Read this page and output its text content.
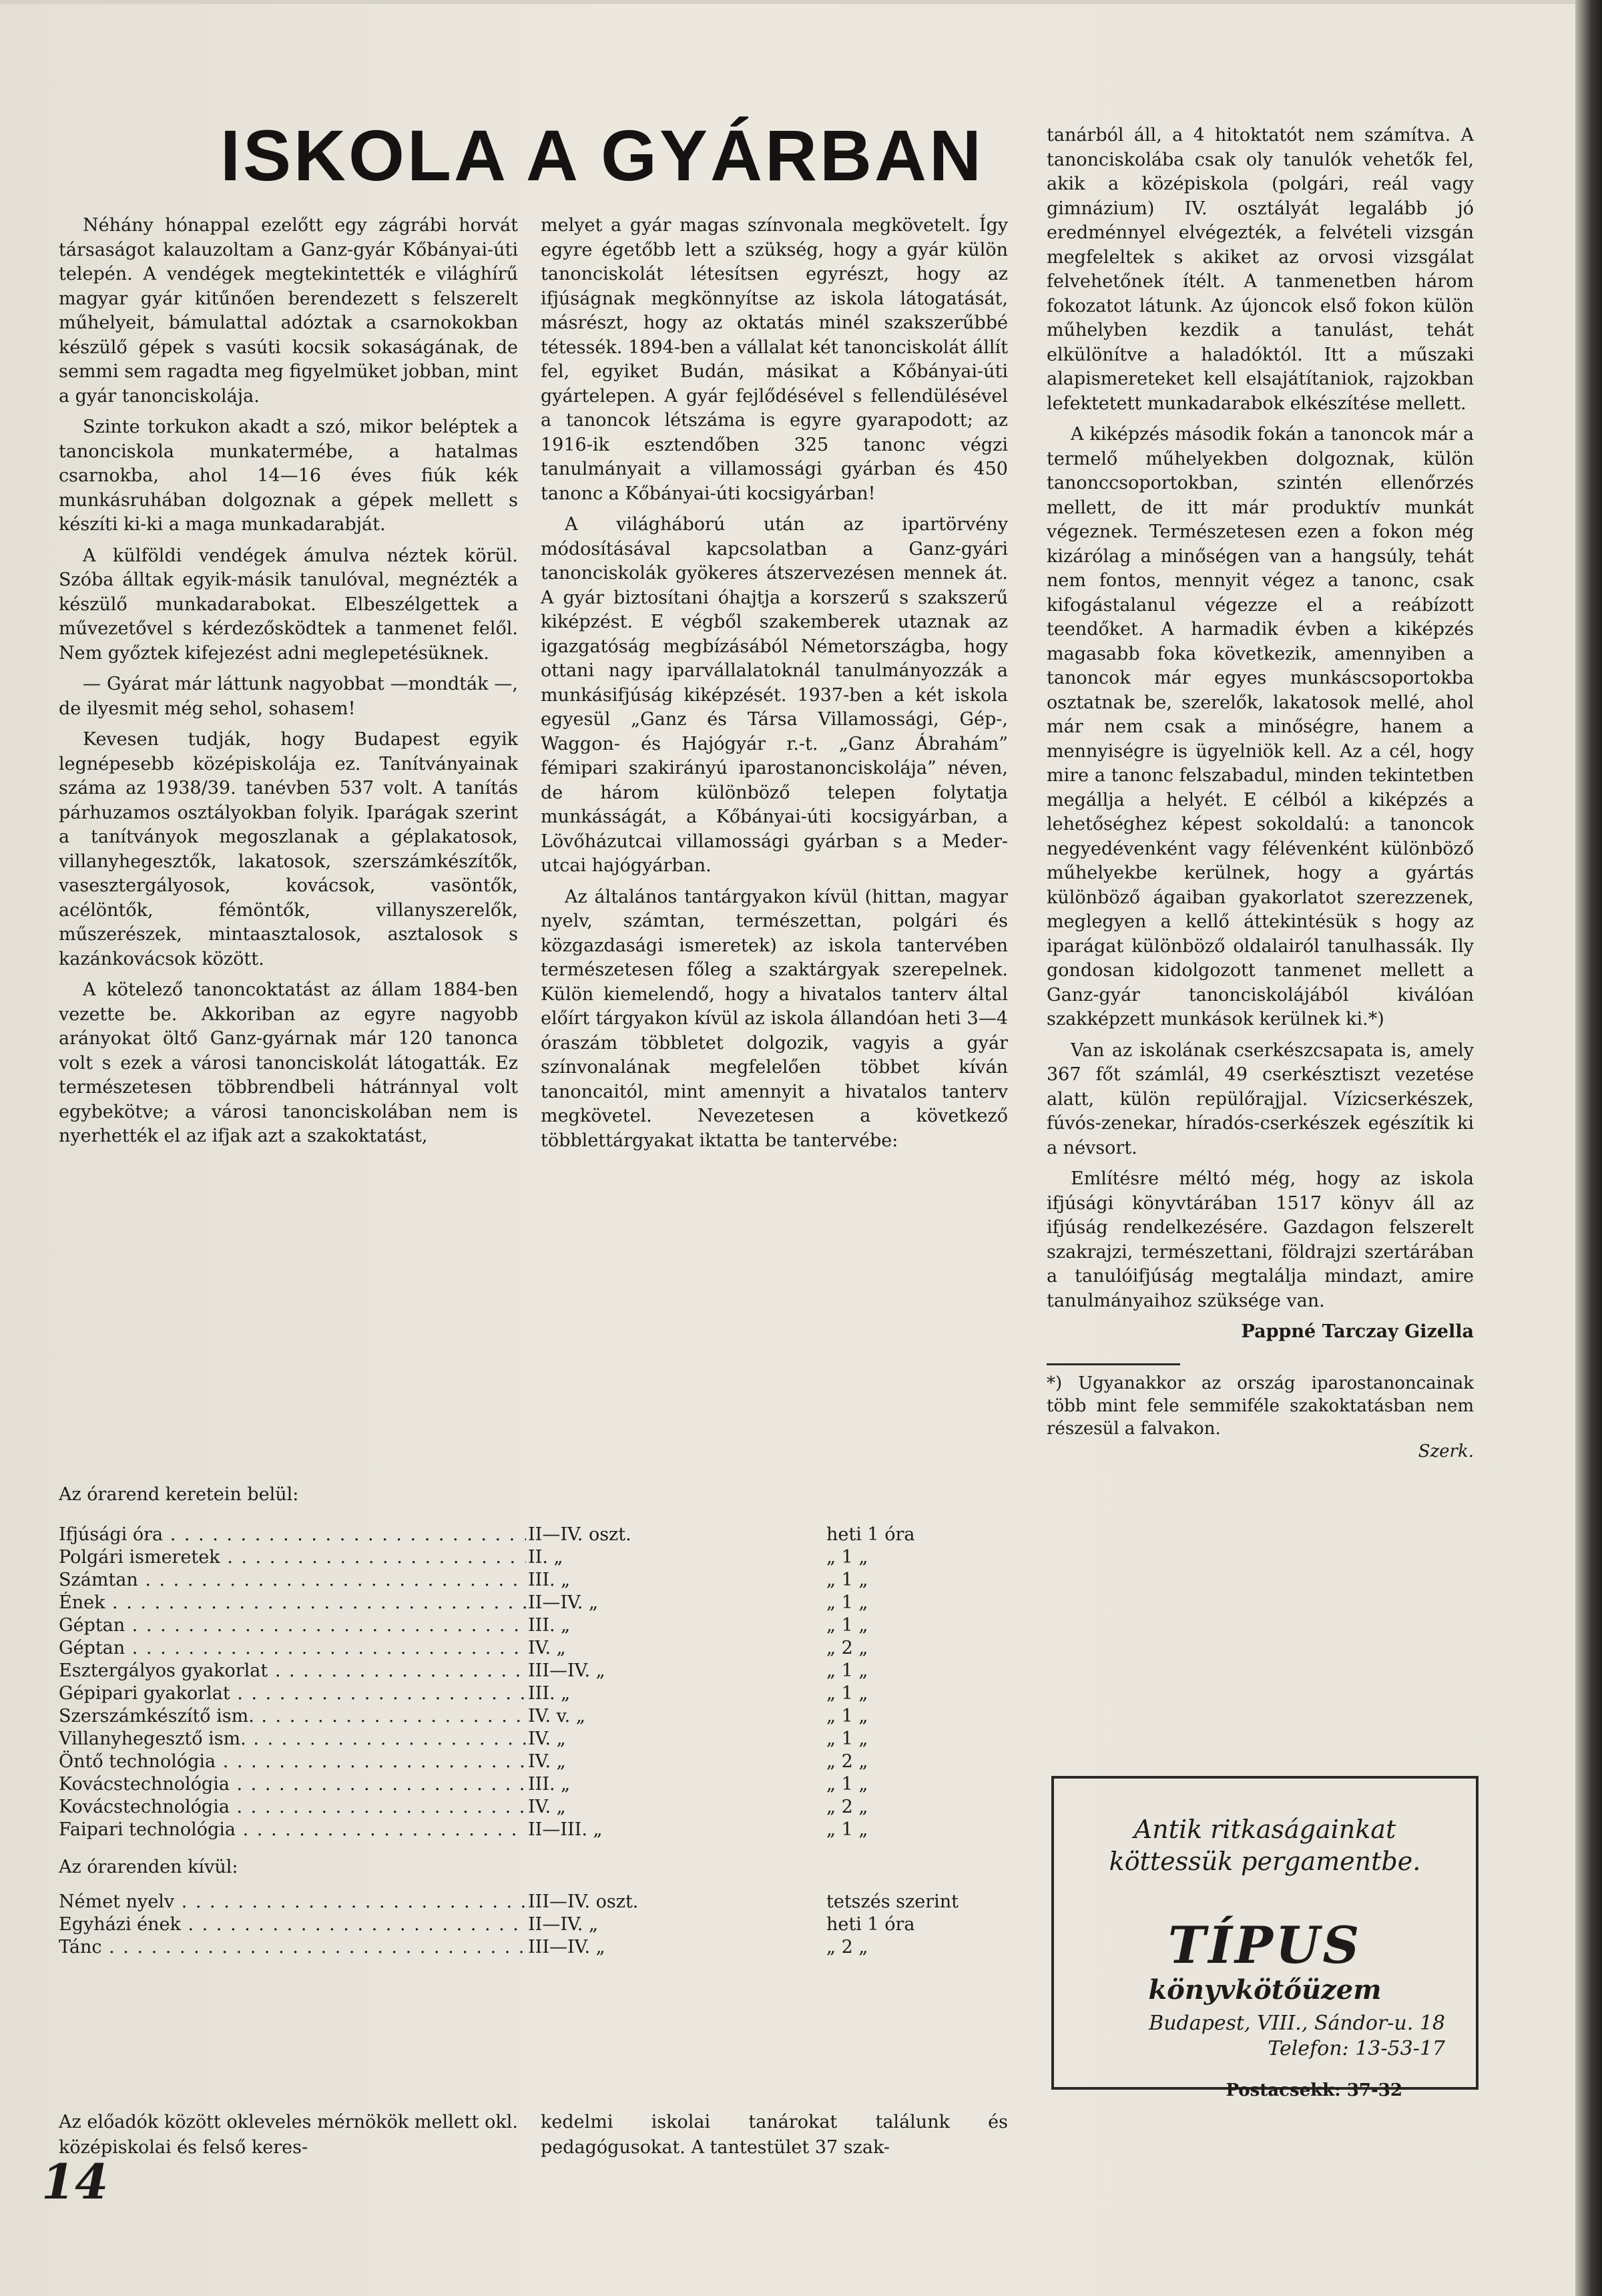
ISKOLA A GYÁRBAN

Néhány hónappal ezelőtt egy zágrábi horvát társaságot kalauzoltam a Ganz-gyár Kőbányai-úti telepén. A vendégek megtekintették e világhírű magyar gyár kitűnően berendezett s felszerelt műhelyeit, bámulattal adóztak a csarnokokban készülő gépek s vasúti kocsik sokaságának, de semmi sem ragadta meg figyelmüket jobban, mint a gyár tanonciskolája.

Szinte torkukon akadt a szó, mikor beléptek a tanonciskola munkatermébe, a hatalmas csarnokba, ahol 14—16 éves fiúk kék munkásruhában dolgoznak a gépek mellett s készíti ki-ki a maga munkadarabját.

A külföldi vendégek ámulva néztek körül. Szóba álltak egyik-másik tanulóval, megnézték a készülő munkadarabokat. Elbeszélgettek a művezetővel s kérdezősködtek a tanmenet felől. Nem győztek kifejezést adni meglepetésüknek.

— Gyárat már láttunk nagyobbat —mondták —, de ilyesmit még sehol, sohasem!

Kevesen tudják, hogy Budapest egyik legnépesebb középiskolája ez. Tanítványainak száma az 1938/39. tanévben 537 volt. A tanítás párhuzamos osztályokban folyik. Iparágak szerint a tanítványok megoszlanak a géplakatosok, villanyhegesztők, lakatosok, szerszámkészítők, vasesztergályosok, kovácsok, vasöntők, acélöntők, fémöntők, villanyszerelők, műszerészek, mintaasztalosok, asztalosok s kazánkovácsok között.

A kötelező tanoncoktatást az állam 1884-ben vezette be. Akkoriban az egyre nagyobb arányokat öltő Ganz-gyárnak már 120 tanonca volt s ezek a városi tanonciskolát látogatták. Ez természetesen többrendbeli hátránnyal volt egybekötve; a városi tanonciskolában nem is nyerhették el az ifjak azt a szakoktatást,

melyet a gyár magas színvonala megkövetelt. Így egyre égetőbb lett a szükség, hogy a gyár külön tanonciskolát létesítsen egyrészt, hogy az ifjúságnak megkönnyítse az iskola látogatását, másrészt, hogy az oktatás minél szakszerűbbé tétessék. 1894-ben a vállalat két tanonciskolát állít fel, egyiket Budán, másikat a Kőbányai-úti gyártelepen. A gyár fejlődésével s fellendülésével a tanoncok létszáma is egyre gyarapodott; az 1916-ik esztendőben 325 tanonc végzi tanulmányait a villamossági gyárban és 450 tanonc a Kőbányai-úti kocsigyárban!

A világháború után az ipartörvény módosításával kapcsolatban a Ganz-gyári tanonciskolák gyökeres átszervezésen mennek át. A gyár biztosítani óhajtja a korszerű s szakszerű kiképzést. E végből szakemberek utaznak az igazgatóság megbízásából Németországba, hogy ottani nagy iparvállalatoknál tanulmányozzák a munkásifjúság kiképzését. 1937-ben a két iskola egyesül „Ganz és Társa Villamossági, Gép-, Waggon- és Hajógyár r.-t. „Ganz Ábrahám” fémipari szakirányú iparostanonciskolája” néven, de három különböző telepen folytatja munkásságát, a Kőbányai-úti kocsigyárban, a Lövőházutcai villamossági gyárban s a Meder-utcai hajógyárban.

Az általános tantárgyakon kívül (hittan, magyar nyelv, számtan, természettan, polgári és közgazdasági ismeretek) az iskola tantervében természetesen főleg a szaktárgyak szerepelnek. Külön kiemelendő, hogy a hivatalos tanterv által előírt tárgyakon kívül az iskola állandóan heti 3—4 óraszám többletet dolgozik, vagyis a gyár színvonalának megfelelően többet kíván tanoncaitól, mint amennyit a hivatalos tanterv megkövetel. Nevezetesen a következő többlettárgyakat iktatta be tantervébe:

tanárból áll, a 4 hitoktatót nem számítva. A tanonciskolába csak oly tanulók vehetők fel, akik a középiskola (polgári, reál vagy gimnázium) IV. osztályát legalább jó eredménnyel elvégezték, a felvételi vizsgán megfeleltek s akiket az orvosi vizsgálat felvehetőnek ítélt. A tanmenetben három fokozatot látunk. Az újoncok első fokon külön műhelyben kezdik a tanulást, tehát elkülönítve a haladóktól. Itt a műszaki alapismereteket kell elsajátítaniok, rajzokban lefektetett munkadarabok elkészítése mellett.

A kiképzés második fokán a tanoncok már a termelő műhelyekben dolgoznak, külön tanonccsoportokban, szintén ellenőrzés mellett, de itt már produktív munkát végeznek. Természetesen ezen a fokon még kizárólag a minőségen van a hangsúly, tehát nem fontos, mennyit végez a tanonc, csak kifogástalanul végezze el a reábízott teendőket. A harmadik évben a kiképzés magasabb foka következik, amennyiben a tanoncok már egyes munkáscsoportokba osztatnak be, szerelők, lakatosok mellé, ahol már nem csak a minőségre, hanem a mennyiségre is ügyelniök kell. Az a cél, hogy mire a tanonc felszabadul, minden tekintetben megállja a helyét. E célból a kiképzés a lehetőséghez képest sokoldalú: a tanoncok negyedévenként vagy félévenként különböző műhelyekbe kerülnek, hogy a gyártás különböző ágaiban gyakorlatot szerezzenek, meglegyen a kellő áttekintésük s hogy az iparágat különböző oldalairól tanulhassák. Ily gondosan kidolgozott tanmenet mellett a Ganz-gyár tanonciskolájából kiválóan szakképzett munkások kerülnek ki.*)

Van az iskolának cserkészcsapata is, amely 367 főt számlál, 49 cserkésztiszt vezetése alatt, külön repülőrajjal. Vízicserkészek, fúvós-zenekar, híradós-cserkészek egészítik ki a névsort.

Említésre méltó még, hogy az iskola ifjúsági könyvtárában 1517 könyv áll az ifjúság rendelkezésére. Gazdagon felszerelt szakrajzi, természettani, földrajzi szertárában a tanulóifjúság megtalálja mindazt, amire tanulmányaihoz szüksége van.

Pappné Tarczay Gizella
*) Ugyanakkor az ország iparostanoncainak több mint fele semmiféle szakoktatásban nem részesül a falvakon.
Szerk.
Az órarend keretein belül:
Ifjúsági óra . . .	II—IV. oszt.	heti 1 óra
Polgári ismeretek . . .	II. „	„ 1 „
Számtan . . .	III. „	„ 1 „
Ének . . .	II—IV. „	„ 1 „
Géptan . . .	III. „	„ 1 „
Géptan . . .	IV. „	„ 2 „
Esztergályos gyakorlat . . .	III—IV. „	„ 1 „
Gépipari gyakorlat . . .	III. „	„ 1 „
Szerszámkészítő ism. . . .	IV. v. „	„ 1 „
Villanyhegesztő ism. . . .	IV. „	„ 1 „
Öntő technológia . . .	IV. „	„ 2 „
Kovácstechnológia . . .	III. „	„ 1 „
Kovácstechnológia . . .	IV. „	„ 2 „
Faipari technológia . . .	II—III. „	„ 1 „
Az órarenden kívül:
Német nyelv . . .	III—IV. oszt.	tetszés szerint
Egyházi ének . . .	II—IV. „	heti 1 óra
Tánc . . .	III—IV. „	„ 2 „
Az előadók között okleveles mérnökök mellett okl. középiskolai és felső keres-
kedelmi iskolai tanárokat találunk és pedagógusokat. A tantestület 37 szak-
14
Antik ritkaságainkat
köttessük pergamentbe.
TÍPUS
könyvkötőüzem
Budapest, VIII., Sándor-u. 18
Telefon: 13-53-17
Postacsekk: 37-32
